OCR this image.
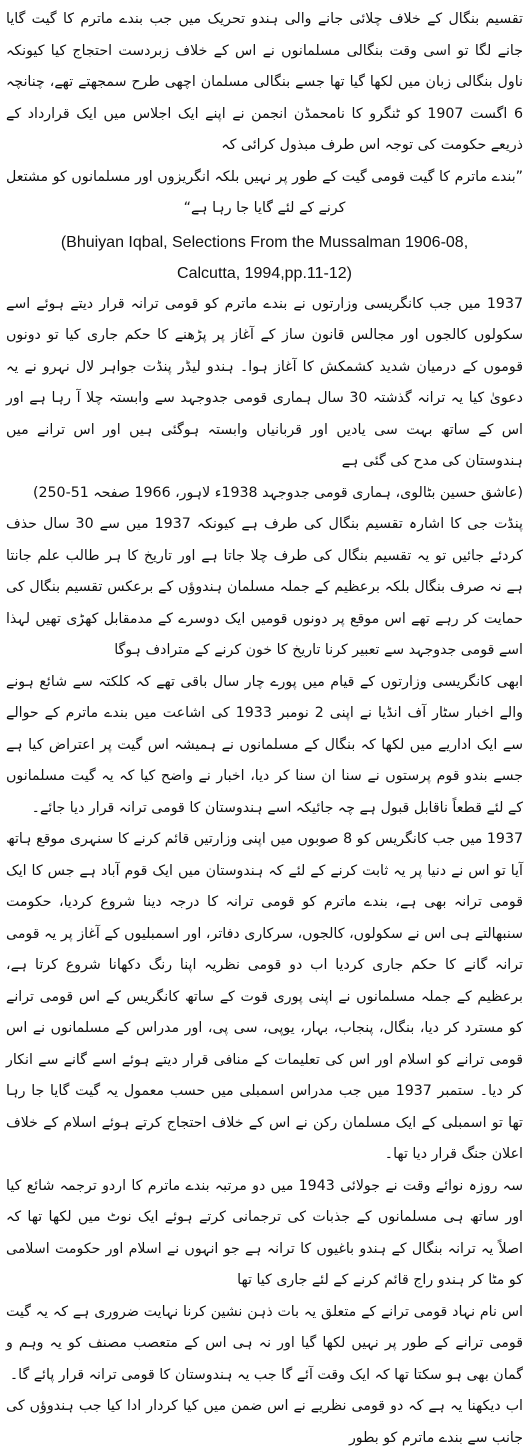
تقسیم بنگال کے خلاف چلائی جانے والی ہندو تحریک میں جب بندے ماترم کا گیت گایا جانے لگا تو اسی وقت بنگالی مسلمانوں نے اس کے خلاف زبردست احتجاج کیا کیونکہ ناول بنگالی زبان میں لکھا گیا تھا جسے بنگالی مسلمان اچھی طرح سمجھتے تھے، چنانچہ 6 اگست 1907 کو ٹنگرو کا نامحمڈن انجمن نے اپنے ایک اجلاس میں ایک قرارداد کے ذریعے حکومت کی توجہ اس طرف مبذول کرائی کہ

”بندے ماترم کا گیت قومی گیت کے طور پر نہیں بلکہ انگریزوں اور مسلمانوں کو مشتعل کرنے کے لئے گایا جا رہا ہے“

(Bhuiyan Iqbal, Selections From the Mussalman 1906-08,
Calcutta, 1994,pp.11-12)

1937 میں جب کانگریسی وزارتوں نے بندے ماترم کو قومی ترانہ قرار دیتے ہوئے اسے سکولوں کالجوں اور مجالس قانون ساز کے آغاز پر پڑھنے کا حکم جاری کیا تو دونوں قوموں کے درمیان شدید کشمکش کا آغاز ہوا۔ ہندو لیڈر پنڈت جواہر لال نہرو نے یہ دعویٰ کیا یہ ترانہ گذشتہ 30 سال ہماری قومی جدوجہد سے وابستہ چلا آ رہا ہے اور اس کے ساتھ بہت سی یادیں اور قربانیاں وابستہ ہوگئی ہیں اور اس ترانے میں ہندوستان کی مدح کی گئی ہے

(عاشق حسین بٹالوی، ہماری قومی جدوجہد 1938ء لاہور، 1966 صفحہ 51-250)

پنڈت جی کا اشارہ تقسیم بنگال کی طرف ہے کیونکہ 1937 میں سے 30 سال حذف کردئے جائیں تو یہ تقسیم بنگال کی طرف چلا جاتا ہے اور تاریخ کا ہر طالب علم جانتا ہے نہ صرف بنگال بلکہ برعظیم کے جملہ مسلمان ہندوؤں کے برعکس تقسیم بنگال کی حمایت کر رہے تھے اس موقع پر دونوں قومیں ایک دوسرے کے مدمقابل کھڑی تھیں لہذا اسے قومی جدوجہد سے تعبیر کرنا تاریخ کا خون کرنے کے مترادف ہوگا

ابھی کانگریسی وزارتوں کے قیام میں پورے چار سال باقی تھے کہ کلکتہ سے شائع ہونے والے اخبار سٹار آف انڈیا نے اپنی 2 نومبر 1933 کی اشاعت میں بندے ماترم کے حوالے سے ایک اداریے میں لکھا کہ بنگال کے مسلمانوں نے ہمیشہ اس گیت پر اعتراض کیا ہے جسے بندو قوم پرستوں نے سنا ان سنا کر دیا، اخبار نے واضح کیا کہ یہ گیت مسلمانوں کے لئے قطعاً ناقابل قبول ہے چہ جائیکہ اسے ہندوستان کا قومی ترانہ قرار دیا جائے۔

1937 میں جب کانگریس کو 8 صوبوں میں اپنی وزارتیں قائم کرنے کا سنہری موقع ہاتھ آیا تو اس نے دنیا پر یہ ثابت کرنے کے لئے کہ ہندوستان میں ایک قوم آباد ہے جس کا ایک قومی ترانہ بھی ہے، بندے ماترم کو قومی ترانہ کا درجہ دینا شروع کردیا، حکومت سنبھالتے ہی اس نے سکولوں، کالجوں، سرکاری دفاتر، اور اسمبلیوں کے آغاز پر یہ قومی ترانہ گانے کا حکم جاری کردیا اب دو قومی نظریہ اپنا رنگ دکھانا شروع کرتا ہے، برعظیم کے جملہ مسلمانوں نے اپنی پوری قوت کے ساتھ کانگریس کے اس قومی ترانے کو مسترد کر دیا، بنگال، پنجاب، بہار، یوپی، سی پی، اور مدراس کے مسلمانوں نے اس قومی ترانے کو اسلام اور اس کی تعلیمات کے منافی قرار دیتے ہوئے اسے گانے سے انکار کر دیا۔ ستمبر 1937 میں جب مدراس اسمبلی میں حسب معمول یہ گیت گایا جا رہا تھا تو اسمبلی کے ایک مسلمان رکن نے اس کے خلاف احتجاج کرتے ہوئے اسلام کے خلاف اعلان جنگ قرار دیا تھا۔

سہ روزہ نوائے وقت نے جولائی 1943 میں دو مرتبہ بندے ماترم کا اردو ترجمہ شائع کیا اور ساتھ ہی مسلمانوں کے جذبات کی ترجمانی کرتے ہوئے ایک نوٹ میں لکھا تھا کہ اصلاً یہ ترانہ بنگال کے ہندو باغیوں کا ترانہ ہے جو انہوں نے اسلام اور حکومت اسلامی کو مٹا کر ہندو راج قائم کرنے کے لئے جاری کیا تھا

اس نام نہاد قومی ترانے کے متعلق یہ بات ذہن نشین کرنا نہایت ضروری ہے کہ یہ گیت قومی ترانے کے طور پر نہیں لکھا گیا اور نہ ہی اس کے متعصب مصنف کو یہ وہم و گمان بھی ہو سکتا تھا کہ ایک وقت آئے گا جب یہ ہندوستان کا قومی ترانہ قرار پائے گا۔

اب دیکھنا یہ ہے کہ دو قومی نظریے نے اس ضمن میں کیا کردار ادا کیا جب ہندوؤں کی جانب سے بندے ماترم کو بطور
